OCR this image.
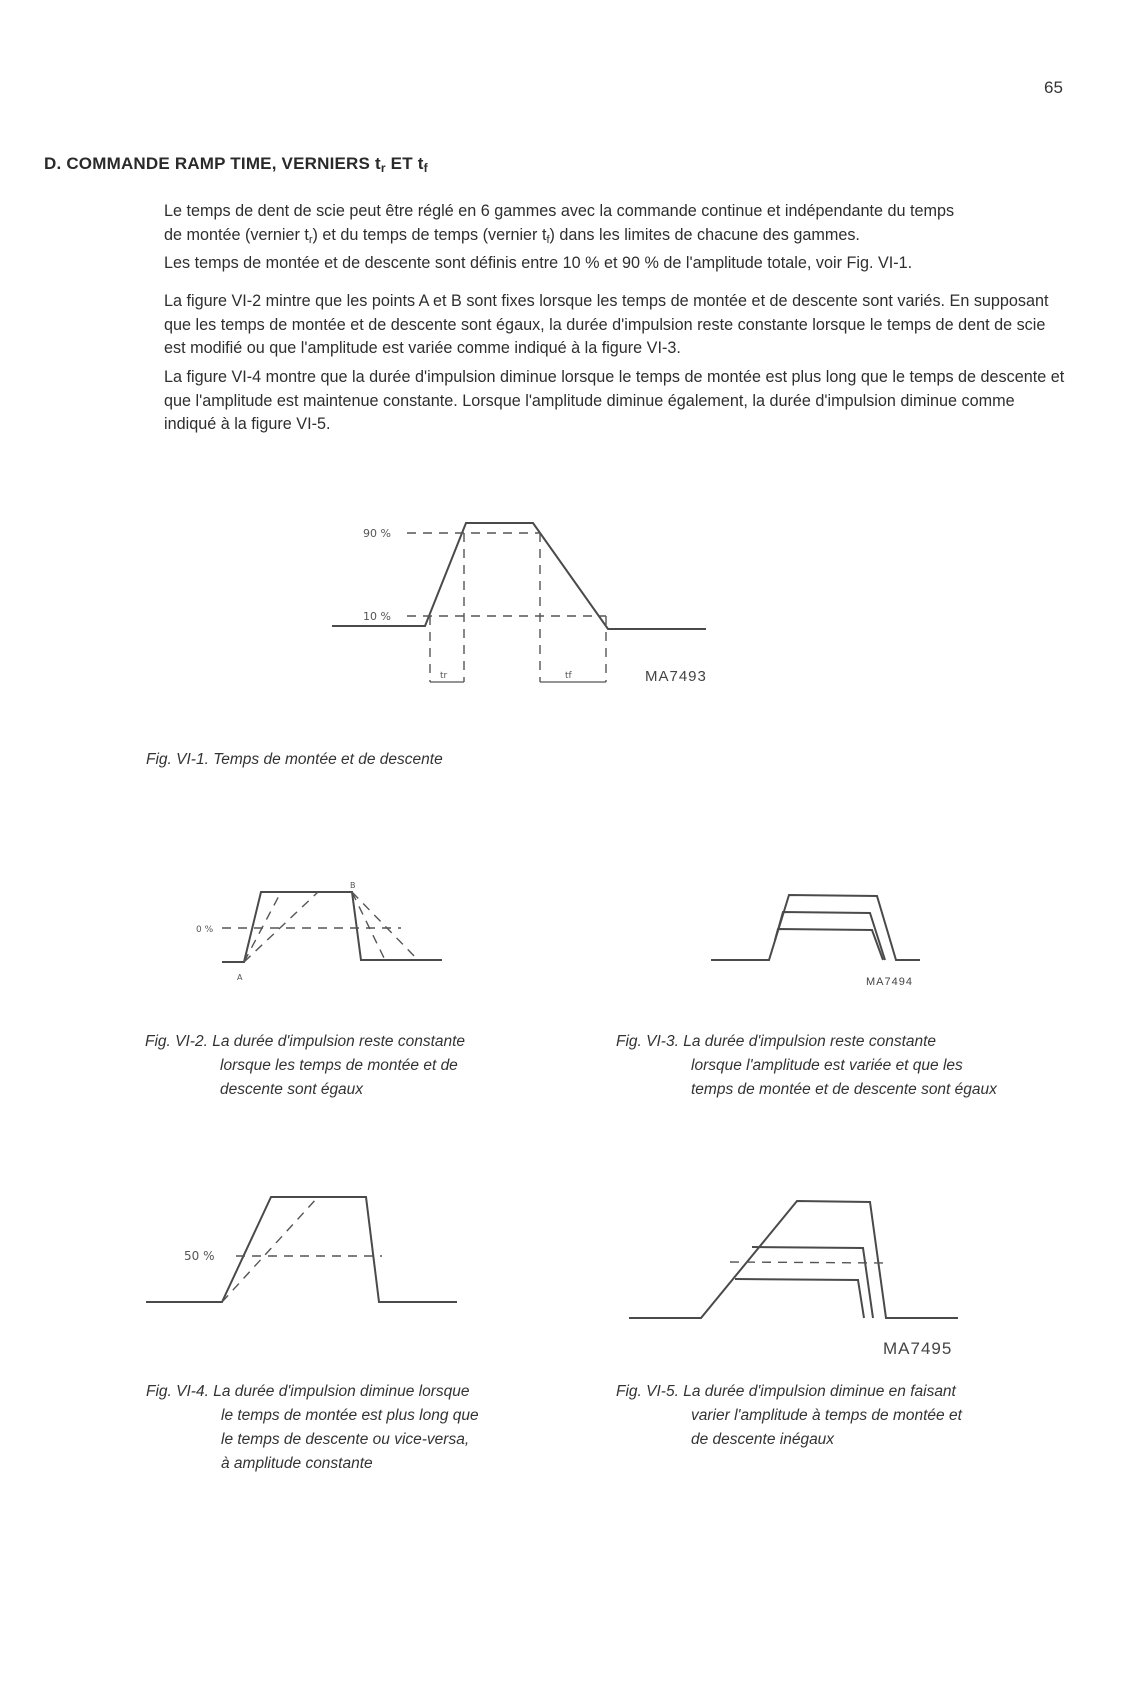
65
D. COMMANDE RAMP TIME, VERNIERS $t_r$ ET $t_f$
Le temps de dent de scie peut être réglé en 6 gammes avec la commande continue et indépendante du temps
de montée (vernier $t_r$) et du temps de temps (vernier $t_f$) dans les limites de chacune des gammes.
Les temps de montée et de descente sont définis entre 10 % et 90 % de l'amplitude totale, voir Fig. VI-1.
La figure VI-2 mintre que les points A et B sont fixes lorsque les temps de montée et de descente sont variés. En supposant que les temps de montée et de descente sont égaux, la durée d'impulsion reste constante lorsque le temps de dent de scie est modifié ou que l'amplitude est variée comme indiqué à la figure VI-3.
La figure VI-4 montre que la durée d'impulsion diminue lorsque le temps de montée est plus long que le temps de descente et que l'amplitude est maintenue constante. Lorsque l'amplitude diminue également, la durée d'impulsion diminue comme indiqué à la figure VI-5.
90 %
10 %
tr	tf
0 %
A
B
50 %
MA7493
MA7494
MA7495
Fig. VI-1. Temps de montée et de descente
Fig. VI-2. La durée d'impulsion reste constante
lorsque les temps de montée et de
descente sont égaux
Fig. VI-3. La durée d'impulsion reste constante
lorsque l'amplitude est variée et que les
temps de montée et de descente sont égaux
Fig. VI-4. La durée d'impulsion diminue lorsque
le temps de montée est plus long que
le temps de descente ou vice-versa,
à amplitude constante
Fig. VI-5. La durée d'impulsion diminue en faisant
varier l'amplitude à temps de montée et
de descente inégaux
